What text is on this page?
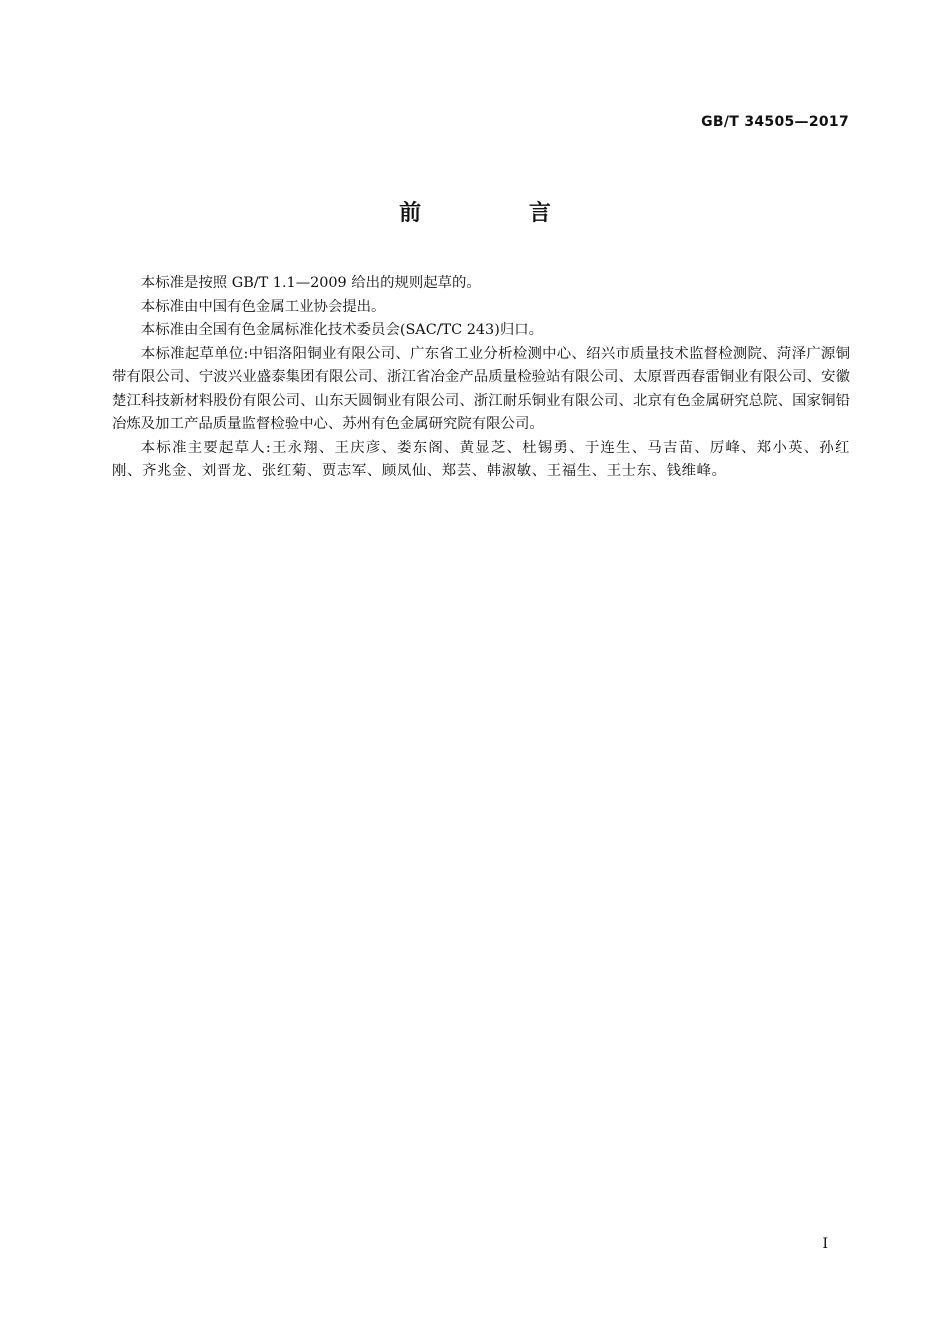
GB/T 34505—2017
前 言

本标准是按照 GB/T 1.1—2009 给出的规则起草的。

本标准由中国有色金属工业协会提出。

本标准由全国有色金属标准化技术委员会(SAC/TC 243)归口。

本标准起草单位:中铝洛阳铜业有限公司、广东省工业分析检测中心、绍兴市质量技术监督检测院、菏泽广源铜带有限公司、宁波兴业盛泰集团有限公司、浙江省冶金产品质量检验站有限公司、太原晋西春雷铜业有限公司、安徽楚江科技新材料股份有限公司、山东天圆铜业有限公司、浙江耐乐铜业有限公司、北京有色金属研究总院、国家铜铅冶炼及加工产品质量监督检验中心、苏州有色金属研究院有限公司。

本标准主要起草人:王永翔、王庆彦、娄东阁、黄显芝、杜锡勇、于连生、马吉苗、厉峰、郑小英、孙红刚、齐兆金、刘晋龙、张红菊、贾志军、顾凤仙、郑芸、韩淑敏、王福生、王士东、钱维峰。

I
